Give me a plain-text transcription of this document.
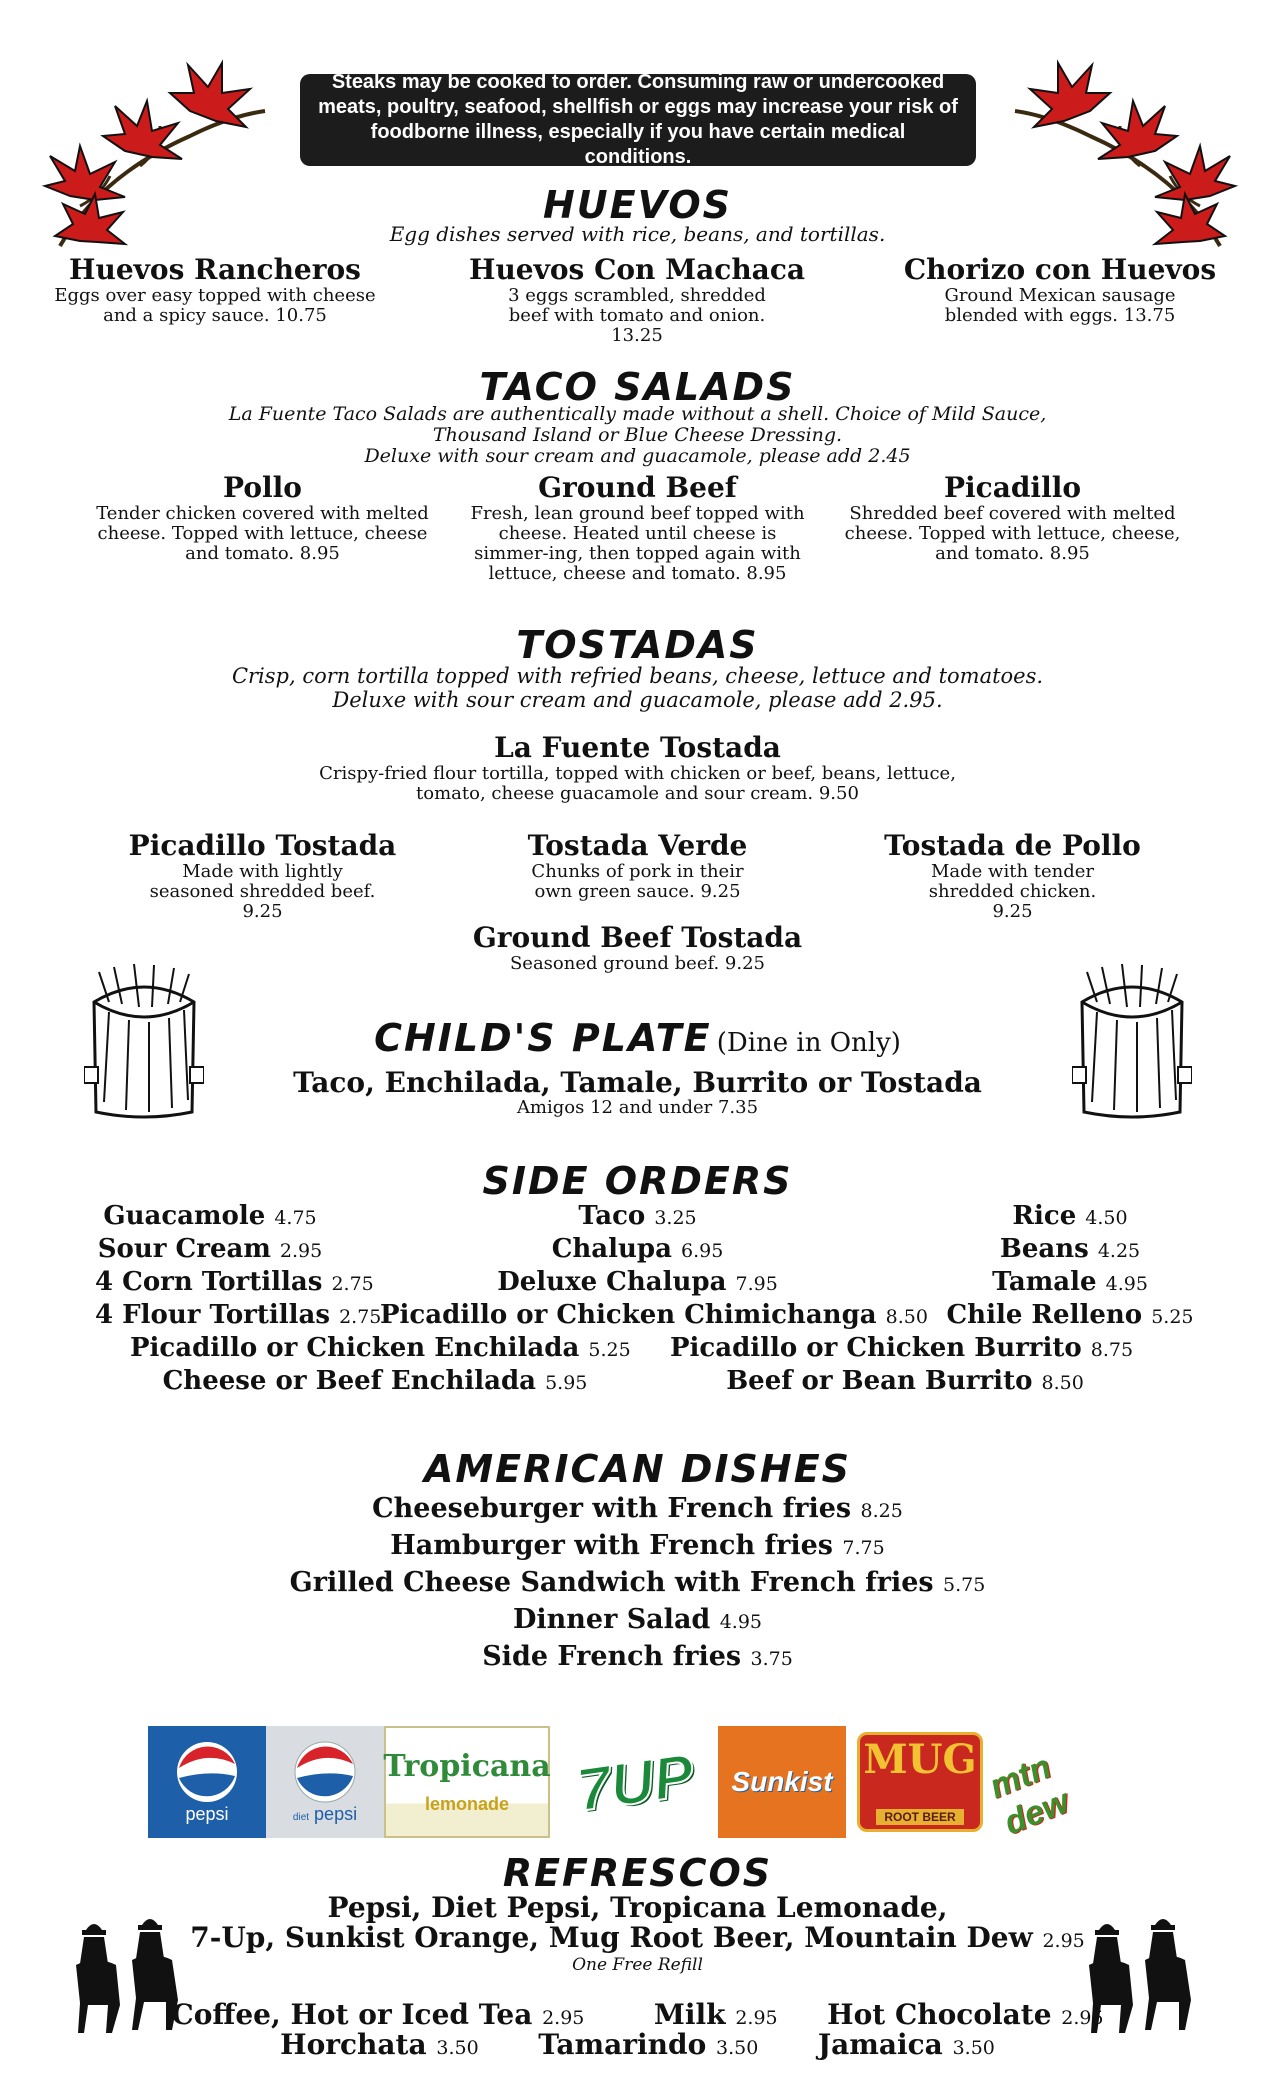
Steaks may be cooked to order. Consuming raw or undercooked meats, poultry, seafood, shellfish or eggs may increase your risk of foodborne illness, especially if you have certain medical conditions.
HUEVOS
Egg dishes served with rice, beans, and tortillas.
Huevos Rancheros
Eggs over easy topped with cheese and a spicy sauce. 10.75
Huevos Con Machaca
3 eggs scrambled, shredded beef with tomato and onion. 13.25
Chorizo con Huevos
Ground Mexican sausage blended with eggs. 13.75
TACO SALADS
La Fuente Taco Salads are authentically made without a shell. Choice of Mild Sauce,
Thousand Island or Blue Cheese Dressing.
Deluxe with sour cream and guacamole, please add 2.45
Pollo
Tender chicken covered with melted cheese. Topped with lettuce, cheese and tomato. 8.95
Ground Beef
Fresh, lean ground beef topped with cheese. Heated until cheese is simmer-ing, then topped again with lettuce, cheese and tomato. 8.95
Picadillo
Shredded beef covered with melted cheese. Topped with lettuce, cheese, and tomato. 8.95
TOSTADAS
Crisp, corn tortilla topped with refried beans, cheese, lettuce and tomatoes.
Deluxe with sour cream and guacamole, please add 2.95.
La Fuente Tostada
Crispy-fried flour tortilla, topped with chicken or beef, beans, lettuce, tomato, cheese guacamole and sour cream. 9.50
Picadillo Tostada
Made with lightly seasoned shredded beef. 9.25
Tostada Verde
Chunks of pork in their own green sauce. 9.25
Tostada de Pollo
Made with tender shredded chicken. 9.25
Ground Beef Tostada
Seasoned ground beef. 9.25
CHILD'S PLATE (Dine in Only)
Taco, Enchilada, Tamale, Burrito or Tostada
Amigos 12 and under 7.35
SIDE ORDERS
Guacamole 4.75	Taco 3.25	Rice 4.50
Sour Cream 2.95	Chalupa 6.95	Beans 4.25
4 Corn Tortillas 2.75	Deluxe Chalupa 7.95	Tamale 4.95
4 Flour Tortillas 2.75
Picadillo or Chicken Chimichanga 8.50 Chile Relleno 5.25
Picadillo or Chicken Enchilada 5.25 Picadillo or Chicken Burrito 8.75
Cheese or Beef Enchilada 5.95	Beef or Bean Burrito 8.50
AMERICAN DISHES
Cheeseburger with French fries 8.25
Hamburger with French fries 7.75
Grilled Cheese Sandwich with French fries 5.75
Dinner Salad 4.95
Side French fries 3.75
pepsi	diet pepsi
Tropicana
lemonade 7UP Sunkist MUG
ROOT BEER
mtn dew
REFRESCOS
Pepsi, Diet Pepsi, Tropicana Lemonade,
7-Up, Sunkist Orange, Mug Root Beer, Mountain Dew 2.95
One Free Refill
Coffee, Hot or Iced Tea 2.95 Milk 2.95 Hot Chocolate 2.95
Horchata 3.50 Tamarindo 3.50 Jamaica 3.50
